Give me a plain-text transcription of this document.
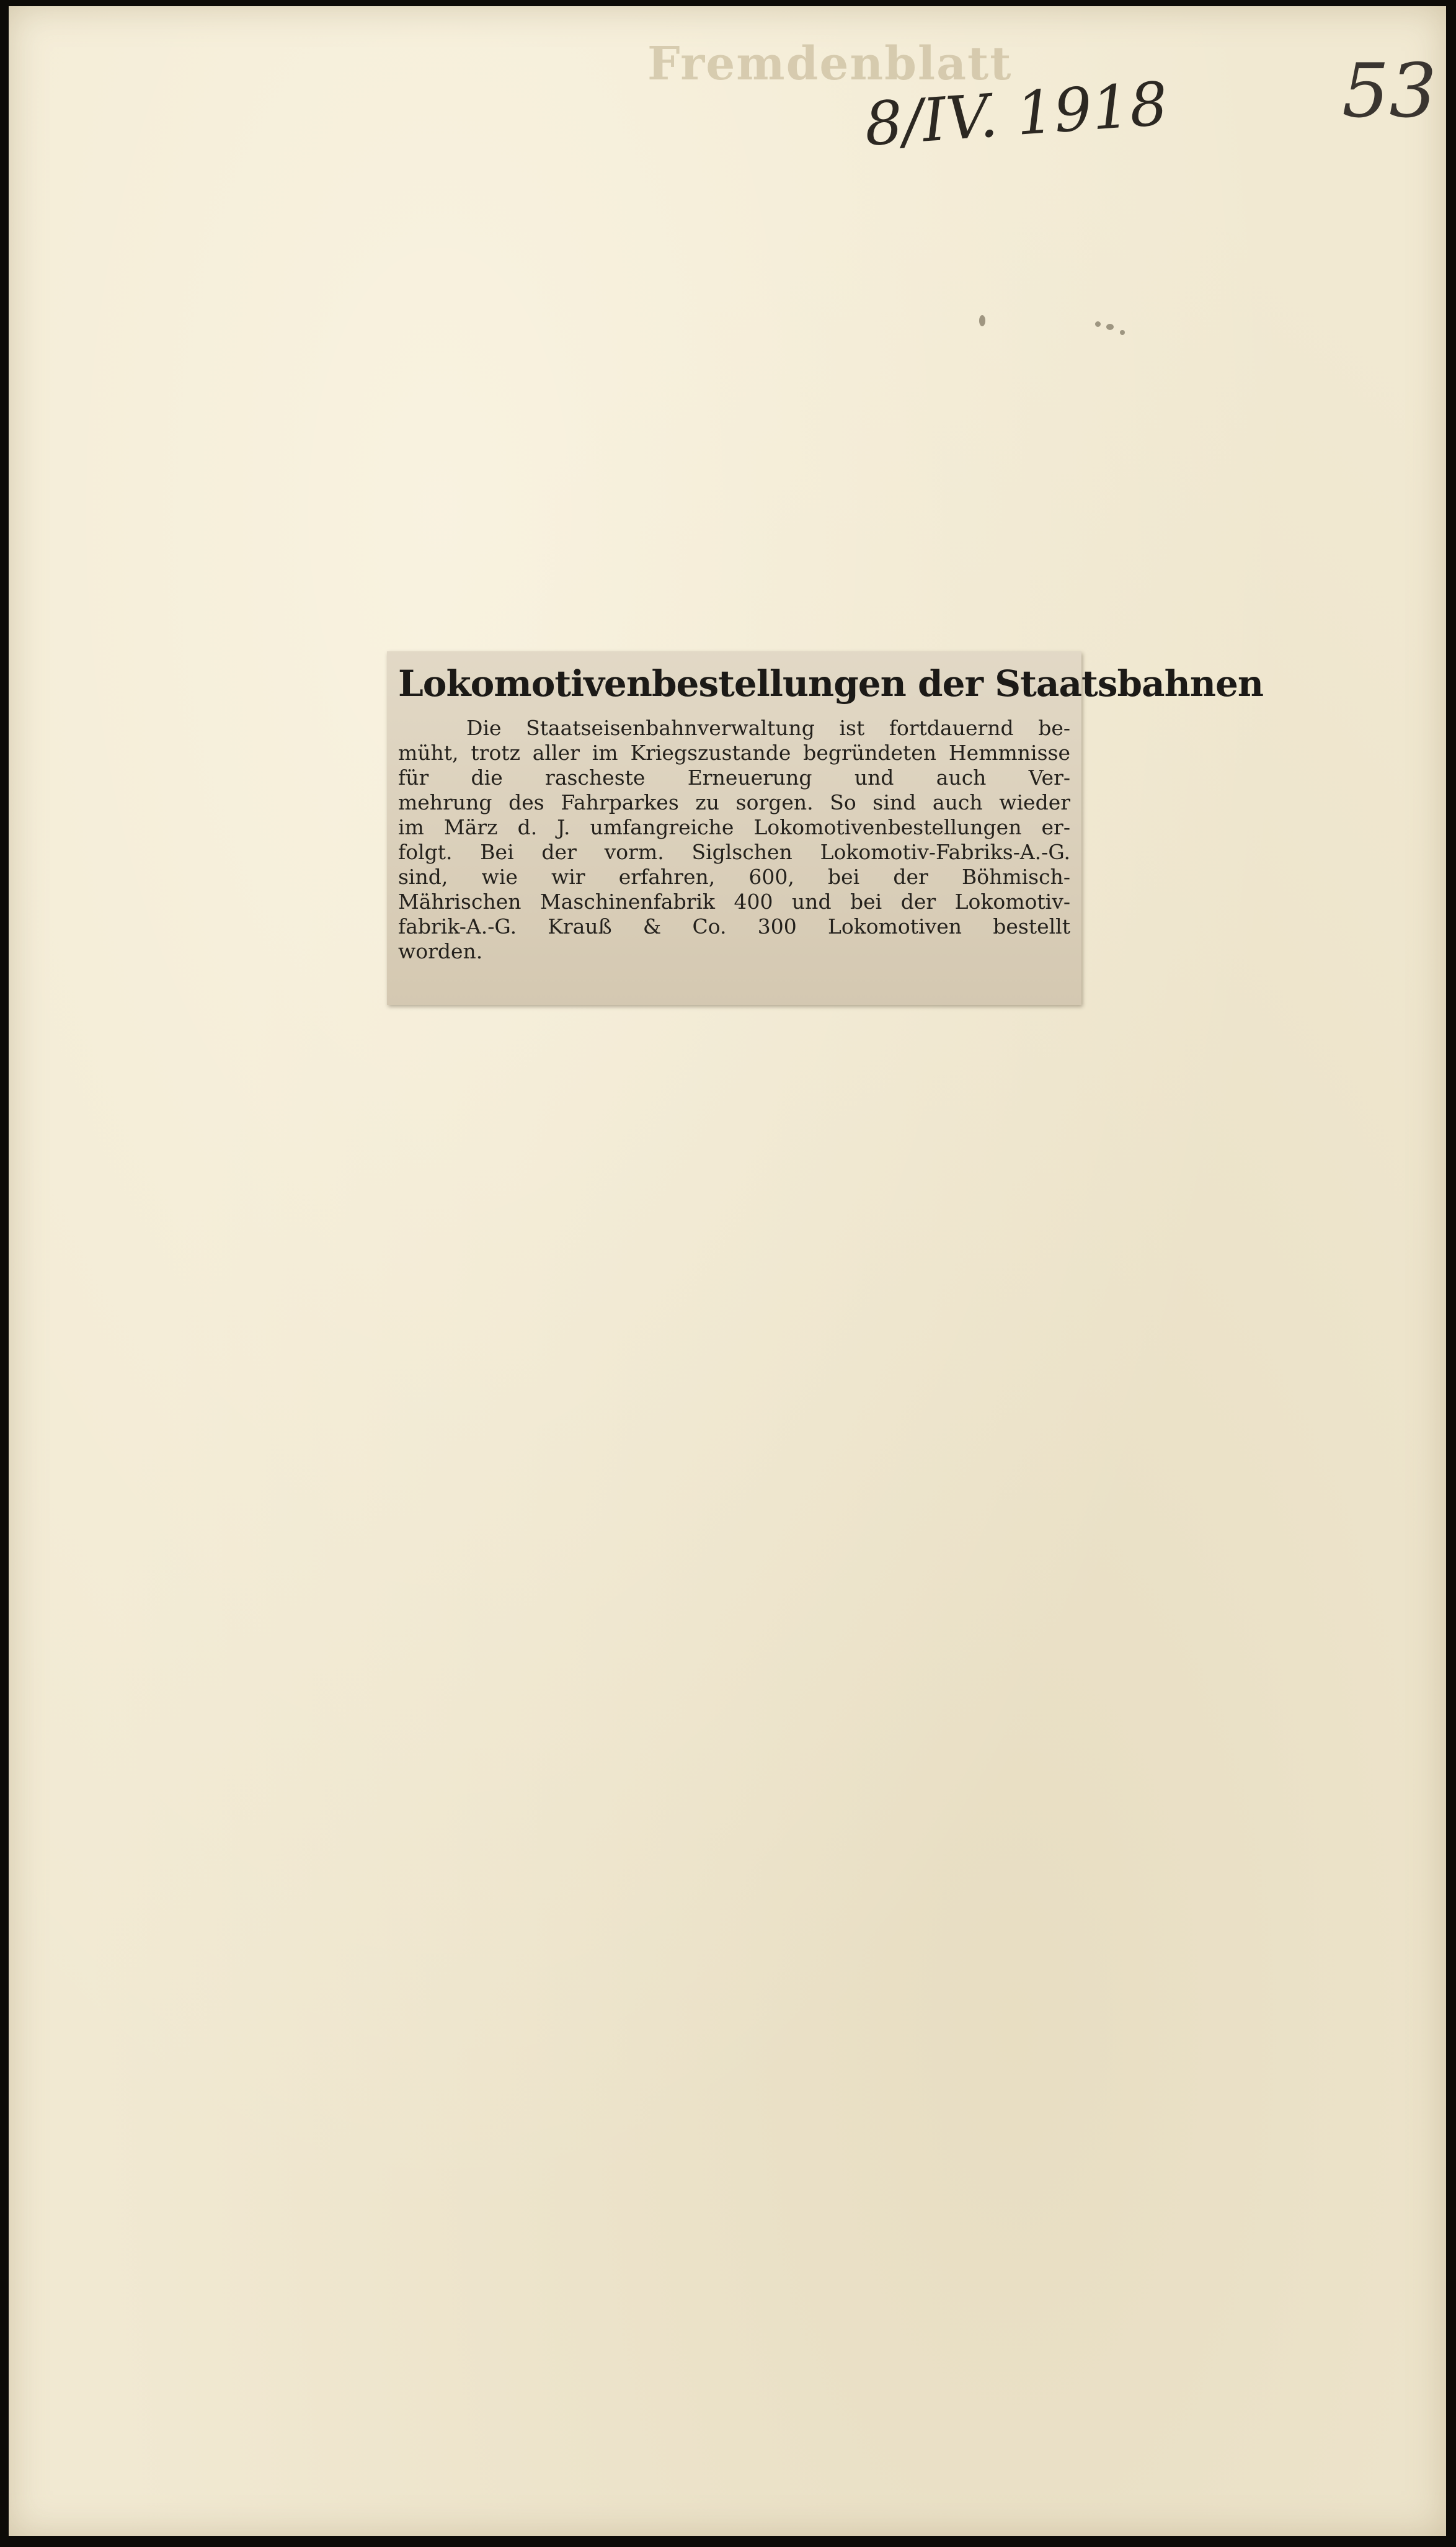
Fremdenblatt
8/IV. 1918 53
Lokomotivenbestellungen der Staatsbahnen
Die Staatseisenbahnverwaltung ist fortdauernd be-
müht, trotz aller im Kriegszustande begründeten Hemmnisse
für die rascheste Erneuerung und auch Ver-
mehrung des Fahrparkes zu sorgen. So sind auch wieder
im März d. J. umfangreiche Lokomotivenbestellungen er-
folgt. Bei der vorm. Siglschen Lokomotiv-Fabriks-A.-G.
sind, wie wir erfahren, 600, bei der Böhmisch-
Mährischen Maschinenfabrik 400 und bei der Lokomotiv-
fabrik-A.-G. Krauß & Co. 300 Lokomotiven bestellt
worden.
